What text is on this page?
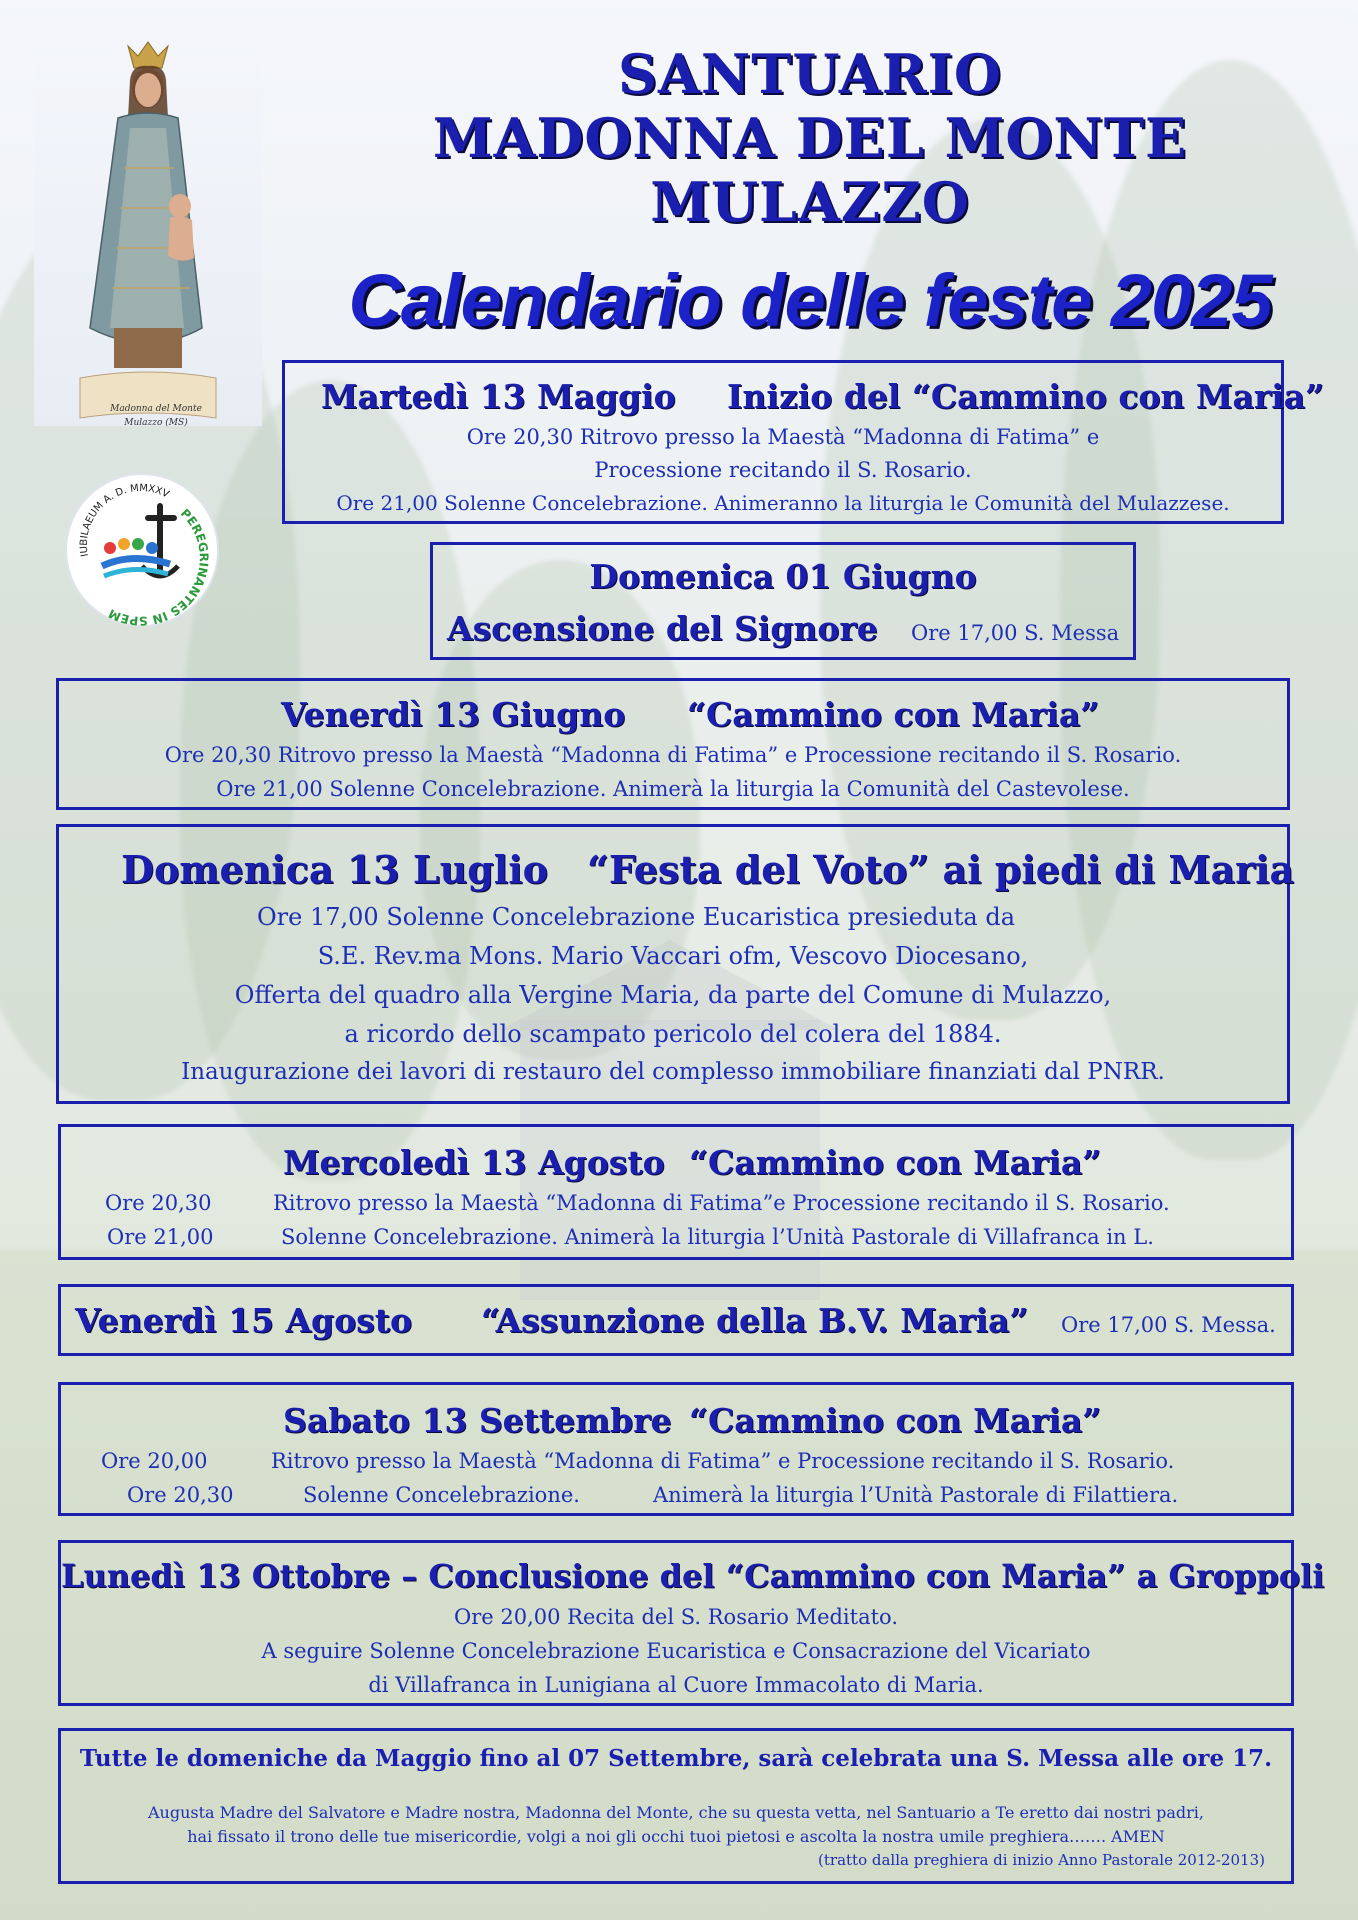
Madonna del Monte
Mulazzo (MS)
IUBILAEUM A. D. MMXXV
PEREGRINANTES IN SPEM
SANTUARIO
MADONNA DEL MONTE
MULAZZO
Calendario delle feste 2025
Martedì 13 Maggio Inizio del “Cammino con Maria”
Ore 20,30 Ritrovo presso la Maestà “Madonna di Fatima” e
Processione recitando il S. Rosario.
Ore 21,00 Solenne Concelebrazione. Animeranno la liturgia le Comunità del Mulazzese.
Domenica 01 Giugno
Ascensione del Signore Ore 17,00 S. Messa
Venerdì 13 Giugno “Cammino con Maria”
Ore 20,30 Ritrovo presso la Maestà “Madonna di Fatima” e Processione recitando il S. Rosario.
Ore 21,00 Solenne Concelebrazione. Animerà la liturgia la Comunità del Castevolese.
Domenica 13 Luglio “Festa del Voto” ai piedi di Maria
Ore 17,00 Solenne Concelebrazione Eucaristica presieduta da
S.E. Rev.ma Mons. Mario Vaccari ofm, Vescovo Diocesano,
Offerta del quadro alla Vergine Maria, da parte del Comune di Mulazzo,
a ricordo dello scampato pericolo del colera del 1884.
Inaugurazione dei lavori di restauro del complesso immobiliare finanziati dal PNRR.
Mercoledì 13 Agosto “Cammino con Maria”
Ore 20,30	Ritrovo presso la Maestà “Madonna di Fatima”e Processione recitando il S. Rosario.
Ore 21,00	Solenne Concelebrazione. Animerà la liturgia l’Unità Pastorale di Villafranca in L.
Venerdì 15 Agosto “Assunzione della B.V. Maria” Ore 17,00 S. Messa.
Sabato 13 Settembre “Cammino con Maria”
Ore 20,00	Ritrovo presso la Maestà “Madonna di Fatima” e Processione recitando il S. Rosario.
Ore 20,30	Solenne Concelebrazione.	Animerà la liturgia l’Unità Pastorale di Filattiera.
Lunedì 13 Ottobre – Conclusione del “Cammino con Maria” a Groppoli
Ore 20,00 Recita del S. Rosario Meditato.
A seguire Solenne Concelebrazione Eucaristica e Consacrazione del Vicariato
di Villafranca in Lunigiana al Cuore Immacolato di Maria.
Tutte le domeniche da Maggio fino al 07 Settembre, sarà celebrata una S. Messa alle ore 17.
Augusta Madre del Salvatore e Madre nostra, Madonna del Monte, che su questa vetta, nel Santuario a Te eretto dai nostri padri,
hai fissato il trono delle tue misericordie, volgi a noi gli occhi tuoi pietosi e ascolta la nostra umile preghiera……. AMEN
(tratto dalla preghiera di inizio Anno Pastorale 2012-2013)
